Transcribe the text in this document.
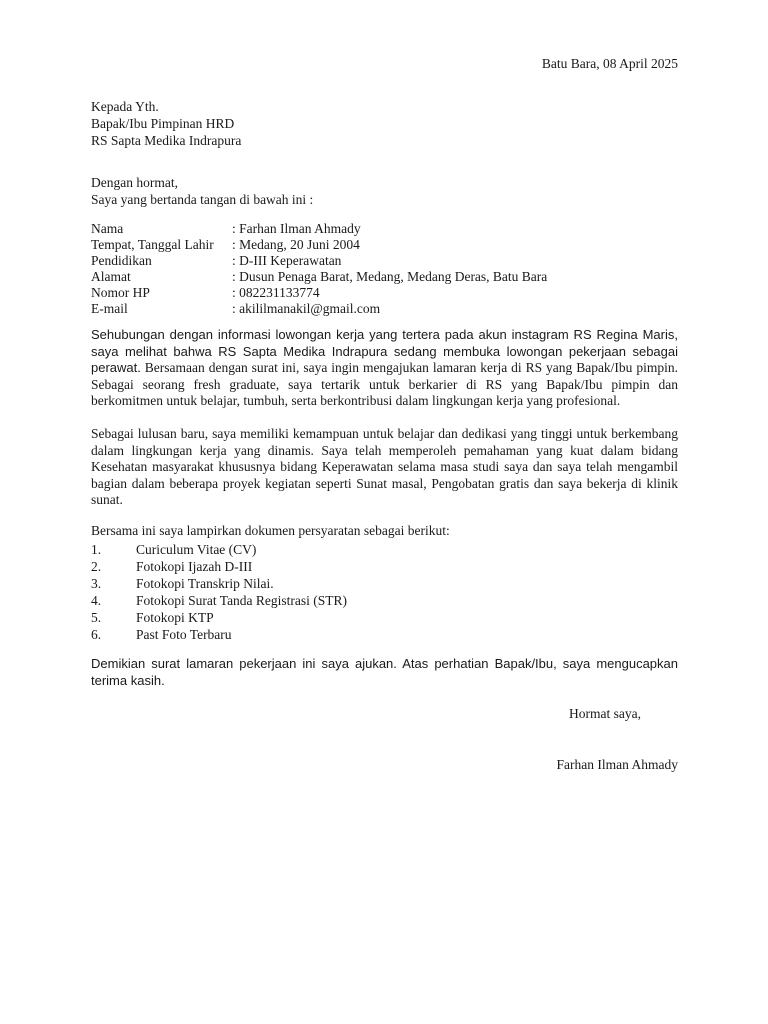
Batu Bara, 08 April 2025
Kepada Yth.
Bapak/Ibu Pimpinan HRD
RS Sapta Medika Indrapura
Dengan hormat,
Saya yang bertanda tangan di bawah ini :
Nama	: Farhan Ilman Ahmady
Tempat, Tanggal Lahir : Medang, 20 Juni 2004
Pendidikan	: D-III Keperawatan
Alamat	: Dusun Penaga Barat, Medang, Medang Deras, Batu Bara
Nomor HP	: 082231133774
E-mail	: akililmanakil@gmail.com
Sehubungan dengan informasi lowongan kerja yang tertera pada akun instagram RS Regina Maris, saya melihat bahwa RS Sapta Medika Indrapura sedang membuka lowongan pekerjaan sebagai perawat. Bersamaan dengan surat ini, saya ingin mengajukan lamaran kerja di RS yang Bapak/Ibu pimpin. Sebagai seorang fresh graduate, saya tertarik untuk berkarier di RS yang Bapak/Ibu pimpin dan berkomitmen untuk belajar, tumbuh, serta berkontribusi dalam lingkungan kerja yang profesional.
Sebagai lulusan baru, saya memiliki kemampuan untuk belajar dan dedikasi yang tinggi untuk berkembang dalam lingkungan kerja yang dinamis. Saya telah memperoleh pemahaman yang kuat dalam bidang Kesehatan masyarakat khususnya bidang Keperawatan selama masa studi saya dan saya telah mengambil bagian dalam beberapa proyek kegiatan seperti Sunat masal, Pengobatan gratis dan saya bekerja di klinik sunat.
Bersama ini saya lampirkan dokumen persyaratan sebagai berikut:
1.	Curiculum Vitae (CV)
2.	Fotokopi Ijazah D-III
3.	Fotokopi Transkrip Nilai.
4.	Fotokopi Surat Tanda Registrasi (STR)
5.	Fotokopi KTP
6.	Past Foto Terbaru
Demikian surat lamaran pekerjaan ini saya ajukan. Atas perhatian Bapak/Ibu, saya mengucapkan terima kasih.
Hormat saya,
Farhan Ilman Ahmady
